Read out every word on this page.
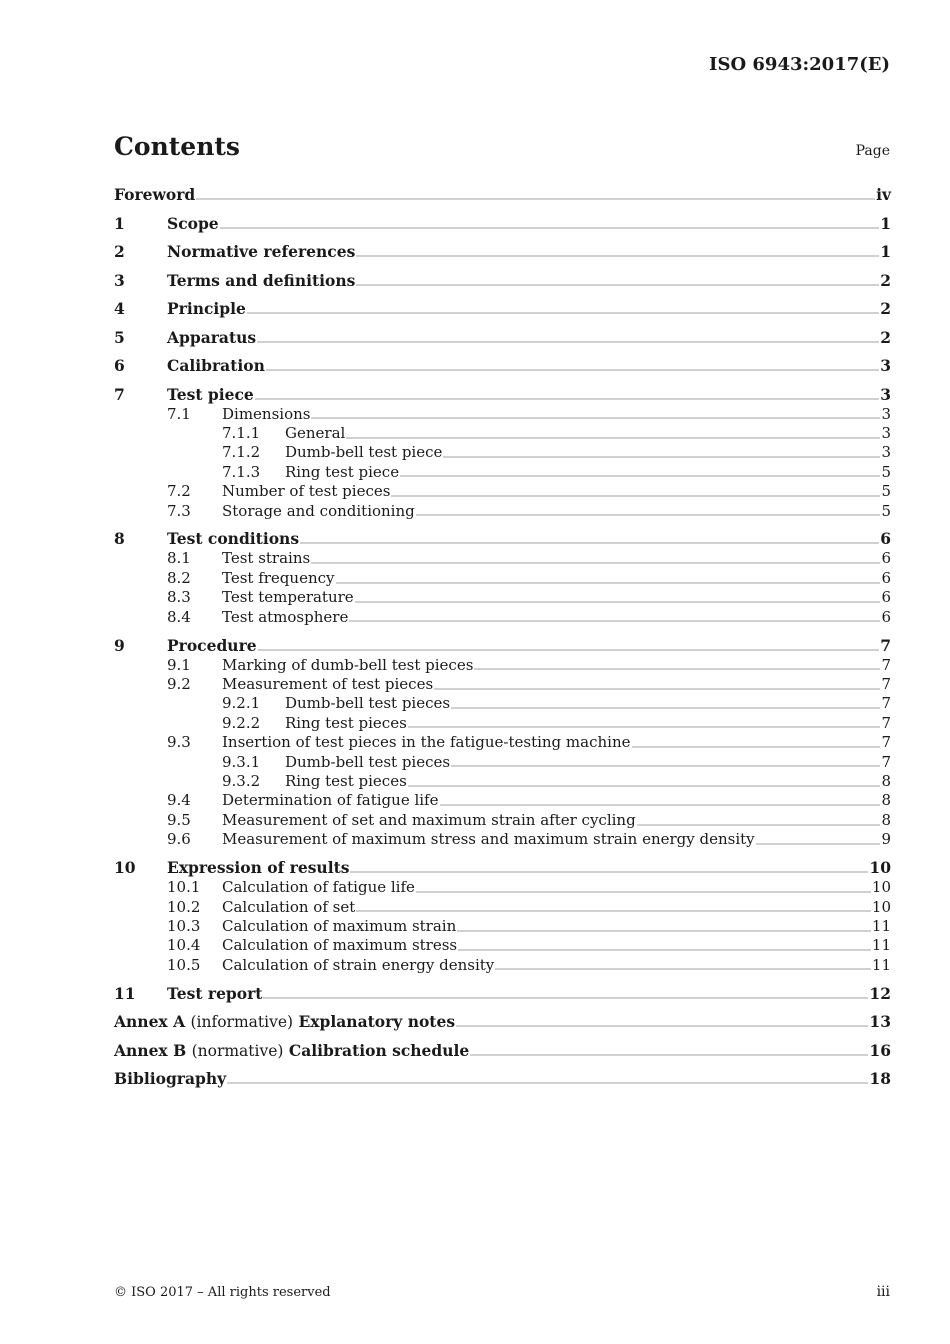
ISO 6943:2017(E)
Contents	Page
Foreword	iv
1	Scope	1
2	Normative references	1
3	Terms and definitions	2
4	Principle	2
5	Apparatus	2
6	Calibration	3
7	Test piece	3
7.1	Dimensions	3
7.1.1	General	3
7.1.2	Dumb-bell test piece	3
7.1.3	Ring test piece	5
7.2	Number of test pieces	5
7.3	Storage and conditioning	5
8	Test conditions	6
8.1	Test strains	6
8.2	Test frequency	6
8.3	Test temperature	6
8.4	Test atmosphere	6
9	Procedure	7
9.1	Marking of dumb-bell test pieces	7
9.2	Measurement of test pieces	7
9.2.1	Dumb-bell test pieces	7
9.2.2	Ring test pieces	7
9.3	Insertion of test pieces in the fatigue-testing machine	7
9.3.1	Dumb-bell test pieces	7
9.3.2	Ring test pieces	8
9.4	Determination of fatigue life	8
9.5	Measurement of set and maximum strain after cycling	8
9.6	Measurement of maximum stress and maximum strain energy density	9
10	Expression of results	10
10.1	Calculation of fatigue life	10
10.2	Calculation of set	10
10.3	Calculation of maximum strain	11
10.4	Calculation of maximum stress	11
10.5	Calculation of strain energy density	11
11	Test report	12
Annex A (informative) Explanatory notes	13
Annex B (normative) Calibration schedule	16
Bibliography	18
© ISO 2017 – All rights reserved	iii
